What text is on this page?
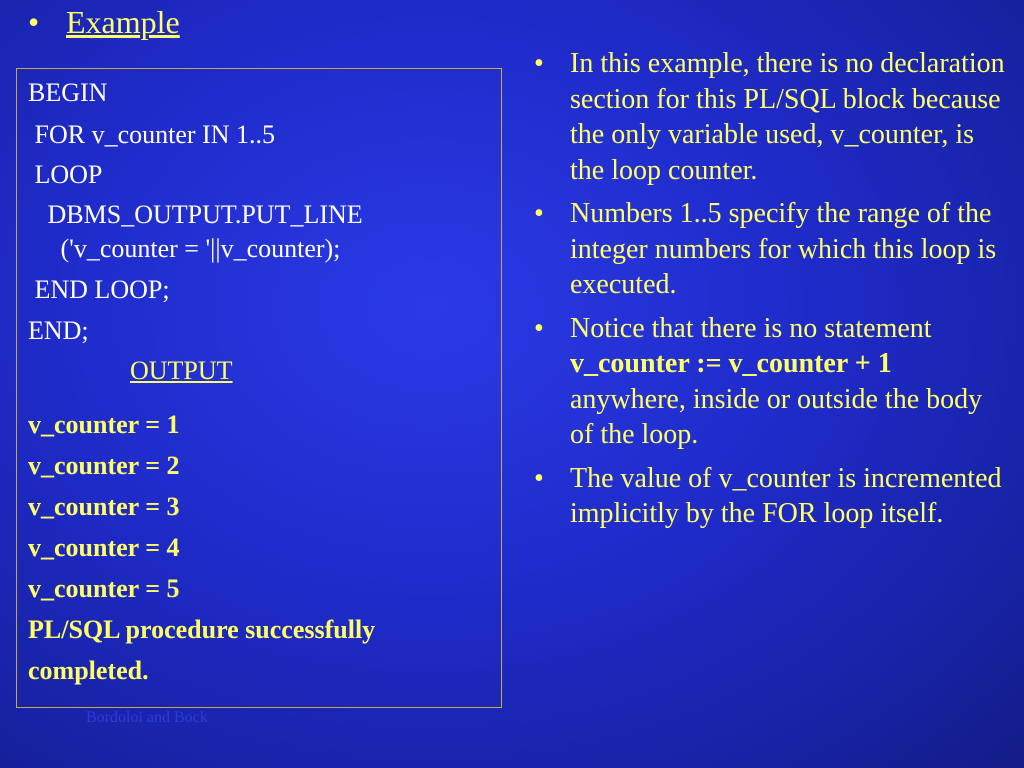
• Example
BEGIN
FOR v_counter IN 1..5
LOOP
DBMS_OUTPUT.PUT_LINE
('v_counter = '||v_counter);
END LOOP;
END;
OUTPUT
v_counter = 1
v_counter = 2
v_counter = 3
v_counter = 4
v_counter = 5
PL/SQL procedure successfully
completed.
• In this example, there is no declaration section for this PL/SQL block because the only variable used, v_counter, is the loop counter.
• Numbers 1..5 specify the range of the integer numbers for which this loop is executed.
• Notice that there is no statement v_counter := v_counter + 1 anywhere, inside or outside the body of the loop.
• The value of v_counter is incremented implicitly by the FOR loop itself.
Bordoloi and Bock
